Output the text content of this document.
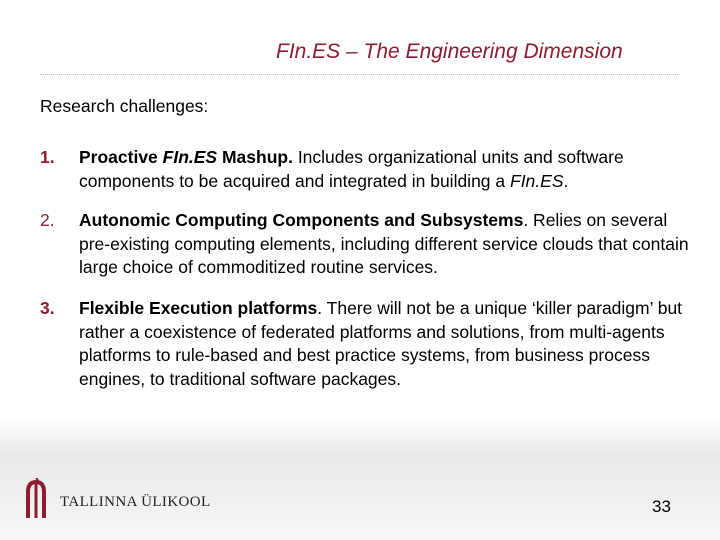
FIn.ES – The Engineering Dimension
Research challenges:
1.	Proactive FIn.ES Mashup. Includes organizational units and software components to be acquired and integrated in building a FIn.ES.
2.	Autonomic Computing Components and Subsystems. Relies on several pre-existing computing elements, including different service clouds that contain large choice of commoditized routine services.
3.	Flexible Execution platforms. There will not be a unique ‘killer paradigm’ but rather a coexistence of federated platforms and solutions, from multi-agents platforms to rule-based and best practice systems, from business process engines, to traditional software packages.
TALLINNA ÜLIKOOL	33
